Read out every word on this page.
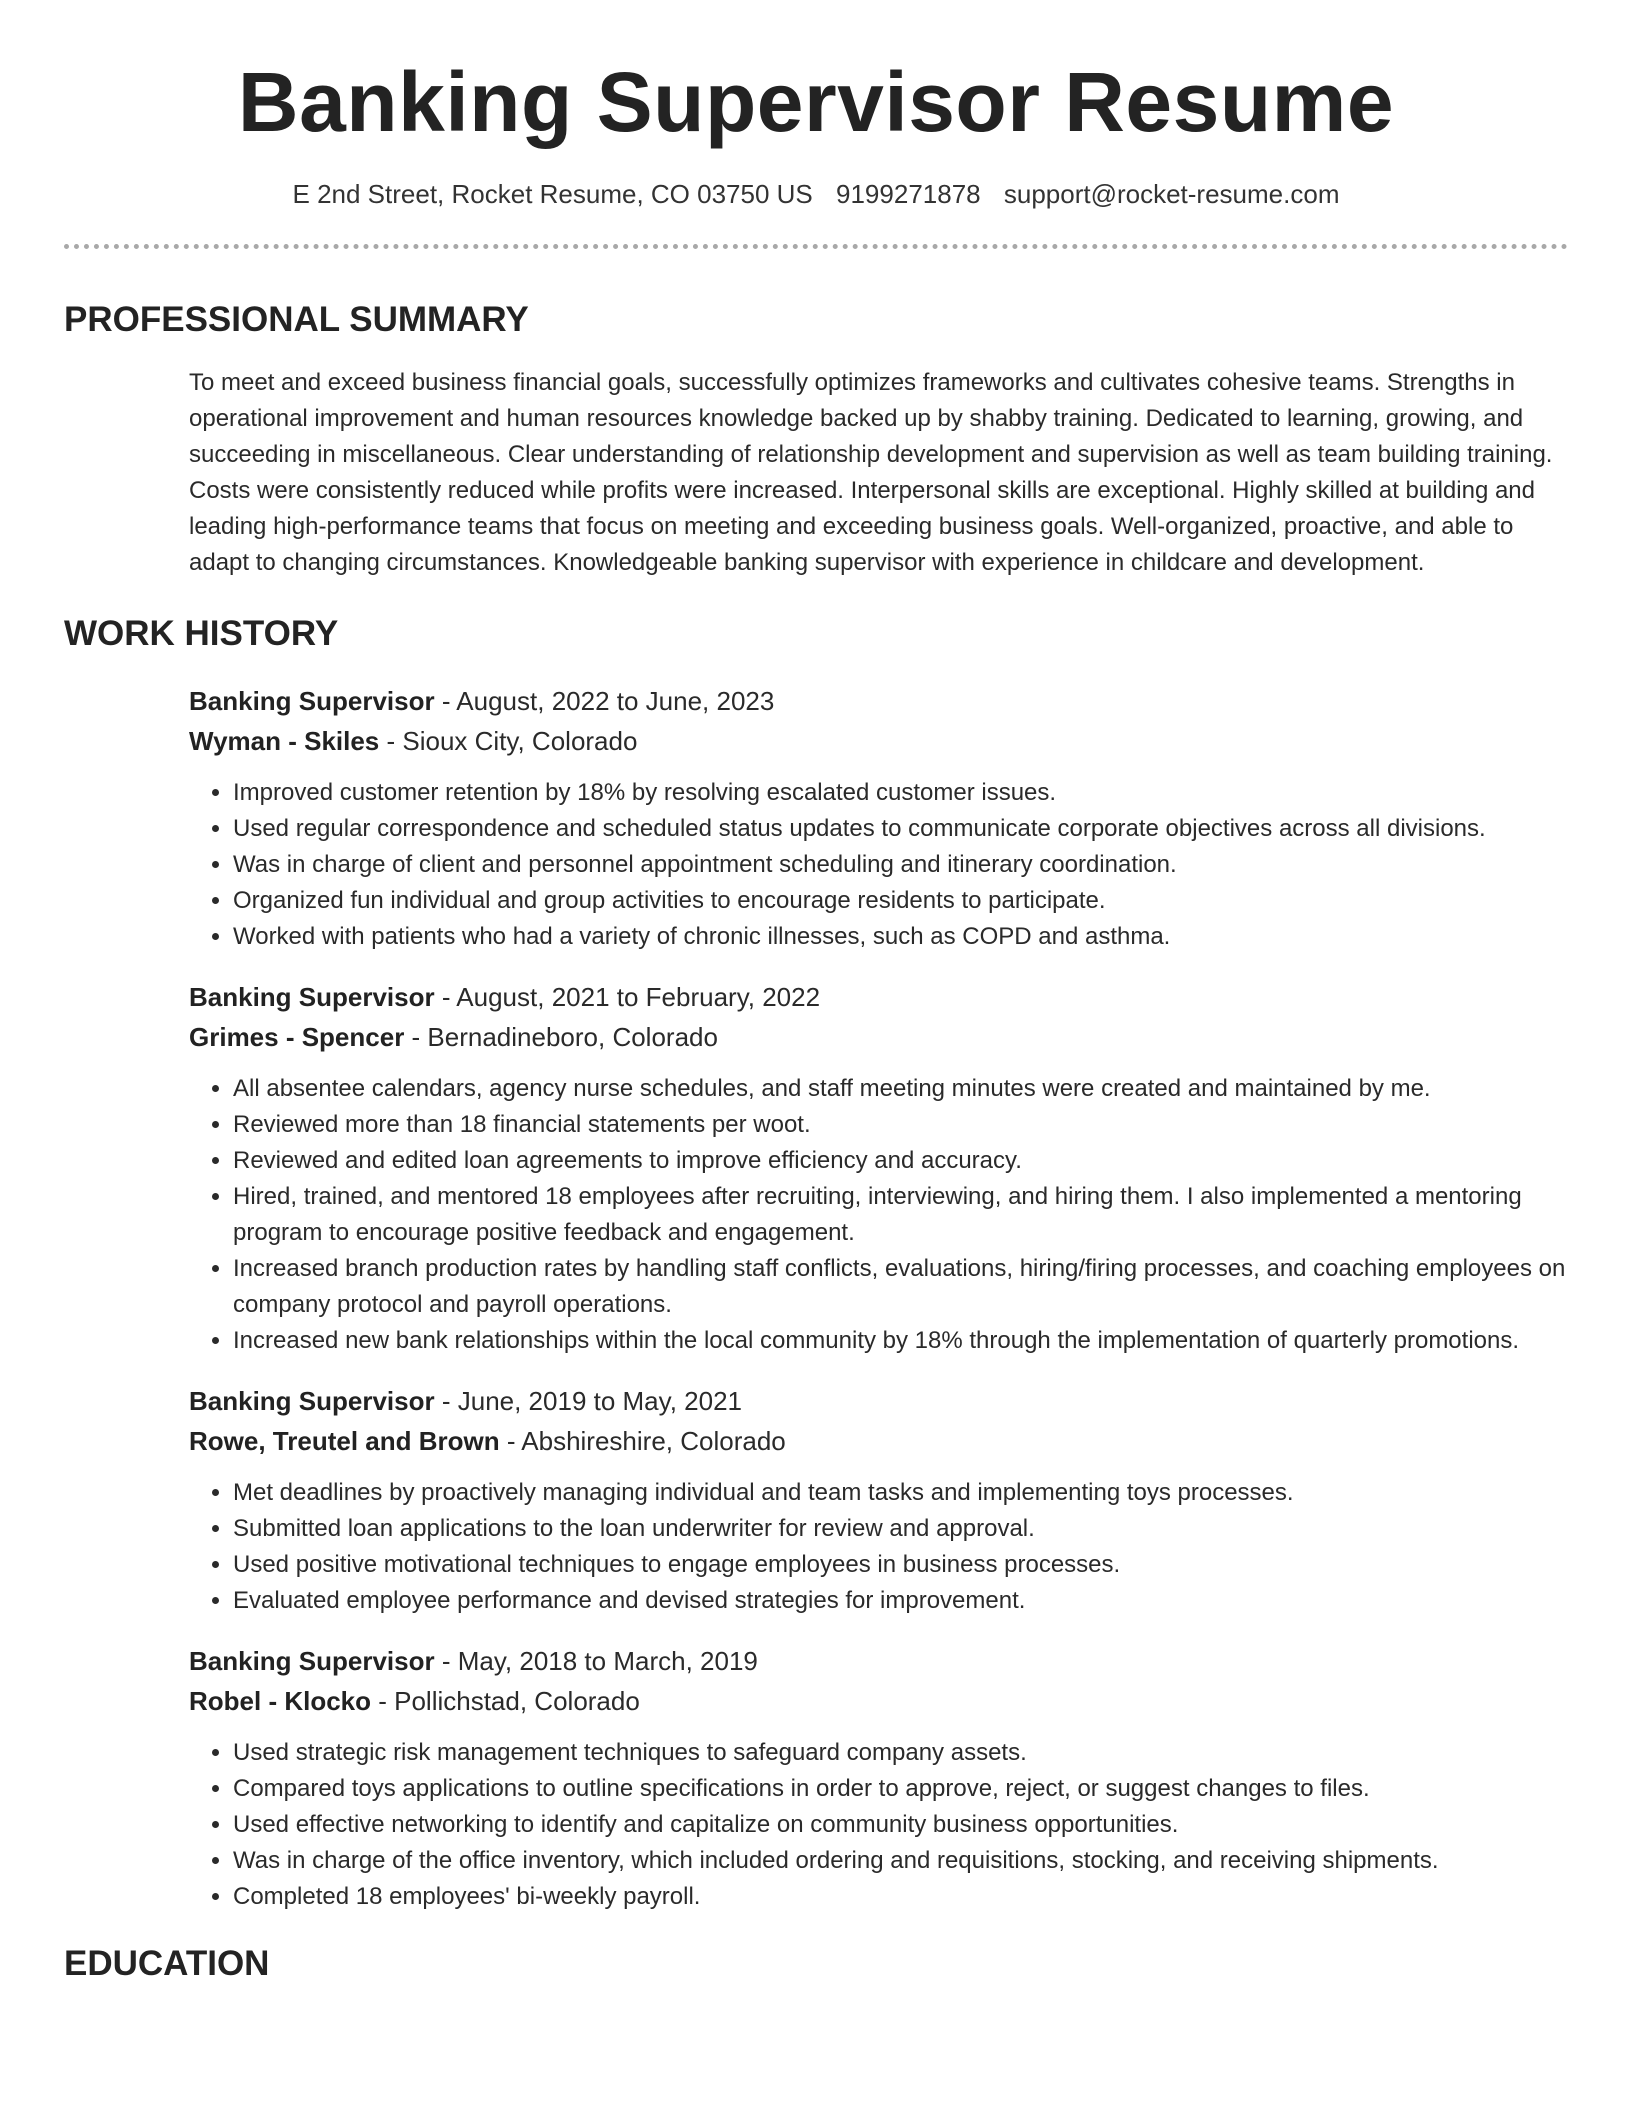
Banking Supervisor Resume
E 2nd Street, Rocket Resume, CO 03750 US 9199271878 support@rocket-resume.com
PROFESSIONAL SUMMARY

To meet and exceed business financial goals, successfully optimizes frameworks and cultivates cohesive teams. Strengths in operational improvement and human resources knowledge backed up by shabby training. Dedicated to learning, growing, and succeeding in miscellaneous. Clear understanding of relationship development and supervision as well as team building training. Costs were consistently reduced while profits were increased. Interpersonal skills are exceptional. Highly skilled at building and leading high-performance teams that focus on meeting and exceeding business goals. Well-organized, proactive, and able to adapt to changing circumstances. Knowledgeable banking supervisor with experience in childcare and development.

WORK HISTORY
Banking Supervisor - August, 2022 to June, 2023
Wyman - Skiles - Sioux City, Colorado
• Improved customer retention by 18% by resolving escalated customer issues.
• Used regular correspondence and scheduled status updates to communicate corporate objectives across all divisions.
• Was in charge of client and personnel appointment scheduling and itinerary coordination.
• Organized fun individual and group activities to encourage residents to participate.
• Worked with patients who had a variety of chronic illnesses, such as COPD and asthma.
Banking Supervisor - August, 2021 to February, 2022
Grimes - Spencer - Bernadineboro, Colorado
• All absentee calendars, agency nurse schedules, and staff meeting minutes were created and maintained by me.
• Reviewed more than 18 financial statements per woot.
• Reviewed and edited loan agreements to improve efficiency and accuracy.
• Hired, trained, and mentored 18 employees after recruiting, interviewing, and hiring them. I also implemented a mentoring program to encourage positive feedback and engagement.
• Increased branch production rates by handling staff conflicts, evaluations, hiring/firing processes, and coaching employees on company protocol and payroll operations.
• Increased new bank relationships within the local community by 18% through the implementation of quarterly promotions.
Banking Supervisor - June, 2019 to May, 2021
Rowe, Treutel and Brown - Abshireshire, Colorado
• Met deadlines by proactively managing individual and team tasks and implementing toys processes.
• Submitted loan applications to the loan underwriter for review and approval.
• Used positive motivational techniques to engage employees in business processes.
• Evaluated employee performance and devised strategies for improvement.
Banking Supervisor - May, 2018 to March, 2019
Robel - Klocko - Pollichstad, Colorado
• Used strategic risk management techniques to safeguard company assets.
• Compared toys applications to outline specifications in order to approve, reject, or suggest changes to files.
• Used effective networking to identify and capitalize on community business opportunities.
• Was in charge of the office inventory, which included ordering and requisitions, stocking, and receiving shipments.
• Completed 18 employees' bi-weekly payroll.
EDUCATION
